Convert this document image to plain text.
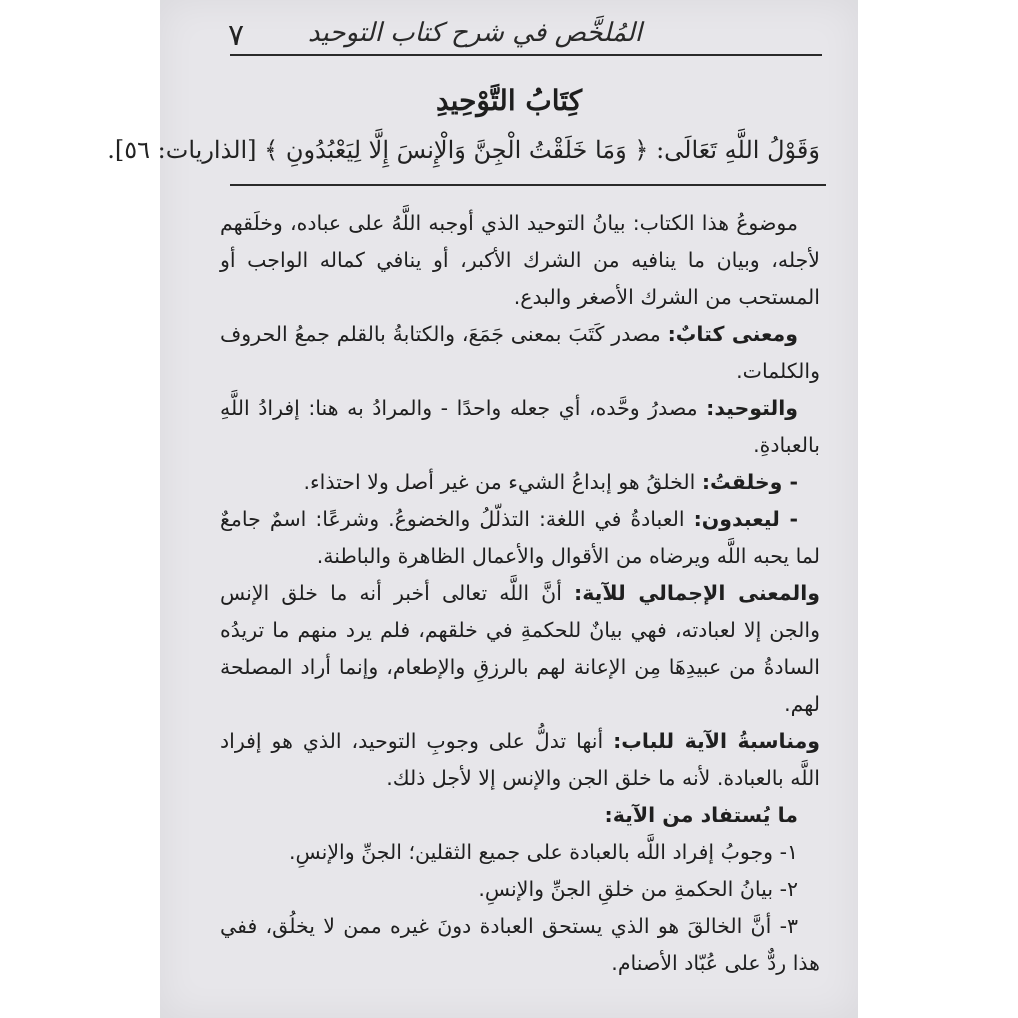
٧ المُلخَّص في شرح كتاب التوحيد
كِتَابُ التَّوْحِيدِ
وَقَوْلُ اللَّهِ تَعَالَى: ﴿ وَمَا خَلَقْتُ الْجِنَّ وَالْإِنسَ إِلَّا لِيَعْبُدُونِ ﴾ [الذاريات: ٥٦].

موضوعُ هذا الكتاب: بيانُ التوحيد الذي أوجبه اللَّهُ على عباده، وخلَقهم لأجله، وبيان ما ينافيه من الشرك الأكبر، أو ينافي كماله الواجب أو المستحب من الشرك الأصغر والبدع.

ومعنى كتابٌ: مصدر كَتَبَ بمعنى جَمَعَ، والكتابةُ بالقلم جمعُ الحروف والكلمات.

والتوحيد: مصدرُ وحَّده، أي جعله واحدًا - والمرادُ به هنا: إفرادُ اللَّهِ بالعبادةِ.

- وخلقتُ: الخلقُ هو إبداعُ الشيء من غير أصل ولا احتذاء.

- ليعبدون: العبادةُ في اللغة: التذلّلُ والخضوعُ. وشرعًا: اسمٌ جامعٌ لما يحبه اللَّه ويرضاه من الأقوال والأعمال الظاهرة والباطنة.

والمعنى الإجمالي للآية: أنَّ اللَّه تعالى أخبر أنه ما خلق الإنس والجن إلا لعبادته، فهي بيانٌ للحكمةِ في خلقهم، فلم يرد منهم ما تريدُه السادةُ من عبيدِهَا مِن الإعانة لهم بالرزقِ والإطعام، وإنما أراد المصلحة لهم.

ومناسبةُ الآية للباب: أنها تدلُّ على وجوبِ التوحيد، الذي هو إفراد اللَّه بالعبادة. لأنه ما خلق الجن والإنس إلا لأجل ذلك.

ما يُستفاد من الآية:

١- وجوبُ إفراد اللَّه بالعبادة على جميع الثقلين؛ الجنِّ والإنسِ.

٢- بيانُ الحكمةِ من خلقِ الجنِّ والإنسِ.

٣- أنَّ الخالقَ هو الذي يستحق العبادة دونَ غيره ممن لا يخلُق، ففي هذا ردٌّ على عُبّاد الأصنام.
